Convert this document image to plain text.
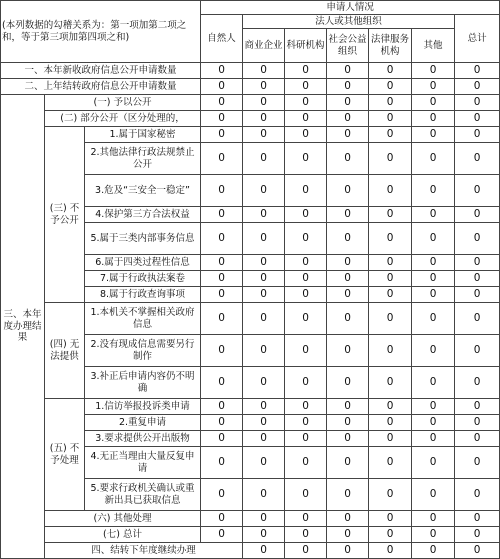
(本列数据的勾稽关系为：第一项加第二项之和，等于第三项加第四项之和)			申请人情况							
			自然人	法人或其他组织					总计	
				商业企业	科研机构	社会公益组织	法律服务机构	其他		
一、本年新收政府信息公开申请数量			0	0	0	0	0	0	0	
二、上年结转政府信息公开申请数量			0	0	0	0	0	0	0	
三、本年度办理结果	(一) 予以公开		0	0	0	0	0	0	0	
	(二) 部分公开（区分处理的，		0	0	0	0	0	0	0	
	(三) 不予公开	1.属于国家秘密	0	0	0	0	0	0	0	
		2.其他法律行政法规禁止公开	0	0	0	0	0	0	0	
		3.危及“三安全一稳定”	0	0	0	0	0	0	0	
		4.保护第三方合法权益	0	0	0	0	0	0	0	
		5.属于三类内部事务信息	0	0	0	0	0	0	0	
		6.属于四类过程性信息	0	0	0	0	0	0	0	
		7.属于行政执法案卷	0	0	0	0	0	0	0	
		8.属于行政查询事项	0	0	0	0	0	0	0	
	(四) 无法提供	1.本机关不掌握相关政府信息	0	0	0	0	0	0	0	
		2.没有现成信息需要另行制作	0	0	0	0	0	0	0	
		3.补正后申请内容仍不明确	0	0	0	0	0	0	0	
	(五) 不予处理	1.信访举报投诉类申请	0	0	0	0	0	0	0	
		2.重复申请	0	0	0	0	0	0	0	
		3.要求提供公开出版物	0	0	0	0	0	0	0	
		4.无正当理由大量反复申请	0	0	0	0	0	0	0	
		5.要求行政机关确认或重新出具已获取信息	0	0	0	0	0	0	0	
	(六) 其他处理		0	0	0	0	0	0	0	
	(七) 总计		0	0	0	0	0	0	0	
	四、结转下年度继续办理			0	0	0	0	0	0		
